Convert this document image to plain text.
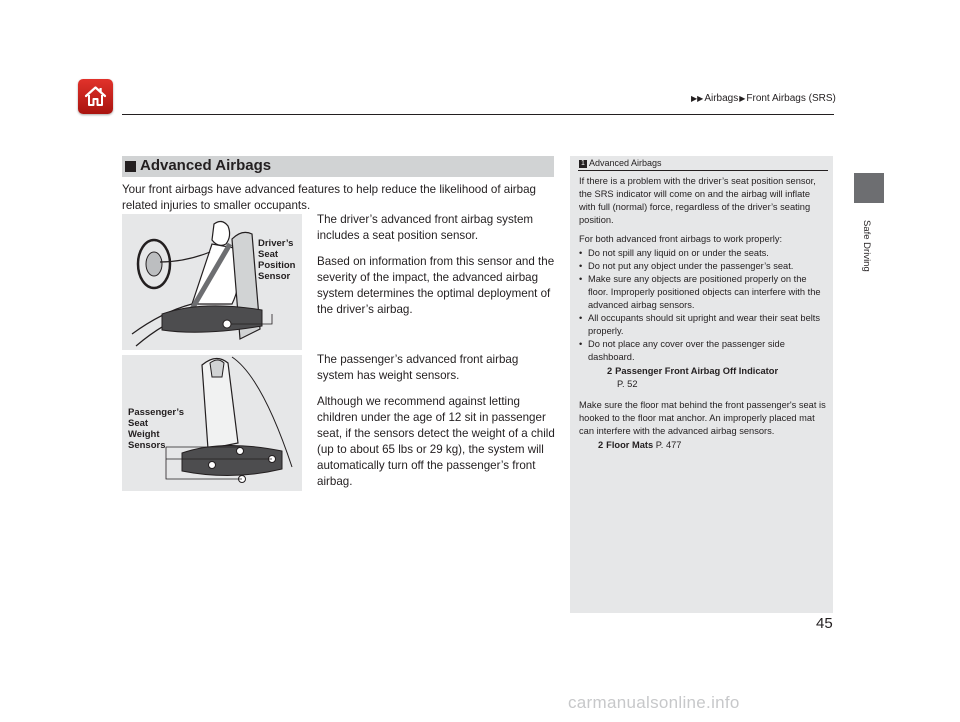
▶▶Airbags▶Front Airbags (SRS)
Safe Driving
Advanced Airbags
Your front airbags have advanced features to help reduce the likelihood of airbag related injuries to smaller occupants.
Driver’s
Seat
Position
Sensor
Passenger’s
Seat
Weight
Sensors

The driver’s advanced front airbag system includes a seat position sensor.

Based on information from this sensor and the severity of the impact, the advanced airbag system determines the optimal deployment of the driver’s airbag.

The passenger’s advanced front airbag system has weight sensors.

Although we recommend against letting children under the age of 12 sit in passenger seat, if the sensors detect the weight of a child (up to about 65 lbs or 29 kg), the system will automatically turn off the passenger’s front airbag.

1 Advanced Airbags

If there is a problem with the driver’s seat position sensor, the SRS indicator will come on and the airbag will inflate with full (normal) force, regardless of the driver’s seating position.

For both advanced front airbags to work properly:

• Do not spill any liquid on or under the seats.
• Do not put any object under the passenger’s seat.
• Make sure any objects are positioned properly on the floor. Improperly positioned objects can interfere with the advanced airbag sensors.
• All occupants should sit upright and wear their seat belts properly.
• Do not place any cover over the passenger side dashboard.
2 Passenger Front Airbag Off Indicator
P. 52

Make sure the floor mat behind the front passenger's seat is hooked to the floor mat anchor. An improperly placed mat can interfere with the advanced airbag sensors.

2 Floor Mats P. 477
45
carmanualsonline.info
